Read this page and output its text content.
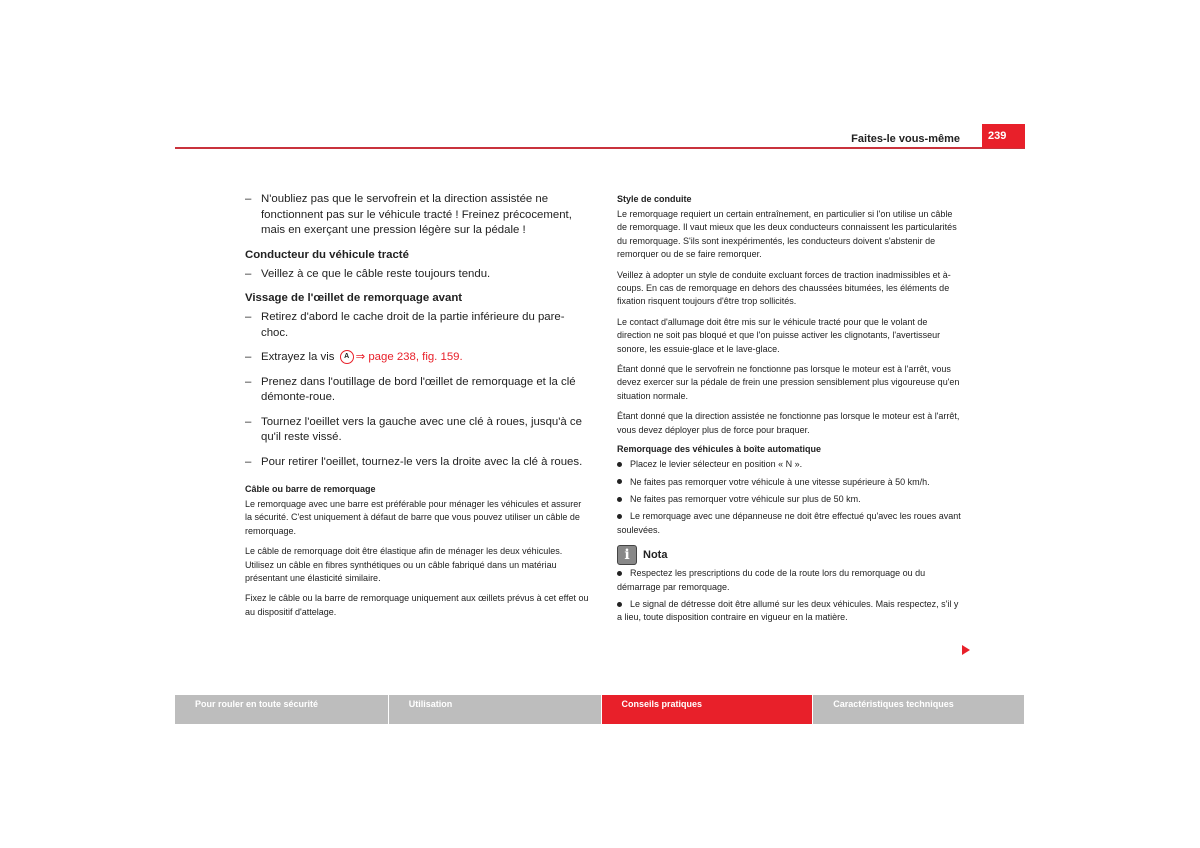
Faites-le vous-même	239
– N'oubliez pas que le servofrein et la direction assistée ne fonctionnent pas sur le véhicule tracté ! Freinez précocement, mais en exerçant une pression légère sur la pédale !
Conducteur du véhicule tracté
– Veillez à ce que le câble reste toujours tendu.
Vissage de l'œillet de remorquage avant
– Retirez d'abord le cache droit de la partie inférieure du pare-choc.
– Extrayez la vis A ⇒ page 238, fig. 159.
– Prenez dans l'outillage de bord l'œillet de remorquage et la clé démonte-roue.
– Tournez l'oeillet vers la gauche avec une clé à roues, jusqu'à ce qu'il reste vissé.
– Pour retirer l'oeillet, tournez-le vers la droite avec la clé à roues.
Câble ou barre de remorquage
Le remorquage avec une barre est préférable pour ménager les véhicules et assurer la sécurité. C'est uniquement à défaut de barre que vous pouvez utiliser un câble de remorquage.
Le câble de remorquage doit être élastique afin de ménager les deux véhicules. Utilisez un câble en fibres synthétiques ou un câble fabriqué dans un matériau présentant une élasticité similaire.
Fixez le câble ou la barre de remorquage uniquement aux œillets prévus à cet effet ou au dispositif d'attelage.
Style de conduite
Le remorquage requiert un certain entraînement, en particulier si l'on utilise un câble de remorquage. Il vaut mieux que les deux conducteurs connaissent les particularités du remorquage. S'ils sont inexpérimentés, les conducteurs doivent s'abstenir de remorquer ou de se faire remorquer.
Veillez à adopter un style de conduite excluant forces de traction inadmissibles et à-coups. En cas de remorquage en dehors des chaussées bitumées, les éléments de fixation risquent toujours d'être trop sollicités.
Le contact d'allumage doit être mis sur le véhicule tracté pour que le volant de direction ne soit pas bloqué et que l'on puisse activer les clignotants, l'avertisseur sonore, les essuie-glace et le lave-glace.
Étant donné que le servofrein ne fonctionne pas lorsque le moteur est à l'arrêt, vous devez exercer sur la pédale de frein une pression sensiblement plus vigoureuse qu'en situation normale.
Étant donné que la direction assistée ne fonctionne pas lorsque le moteur est à l'arrêt, vous devez déployer plus de force pour braquer.
Remorquage des véhicules à boîte automatique
Placez le levier sélecteur en position « N ».
Ne faites pas remorquer votre véhicule à une vitesse supérieure à 50 km/h.
Ne faites pas remorquer votre véhicule sur plus de 50 km.
Le remorquage avec une dépanneuse ne doit être effectué qu'avec les roues avant soulevées.
i	Nota
Respectez les prescriptions du code de la route lors du remorquage ou du démarrage par remorquage.
Le signal de détresse doit être allumé sur les deux véhicules. Mais respectez, s'il y a lieu, toute disposition contraire en vigueur en la matière.
Pour rouler en toute sécurité	Utilisation	Conseils pratiques	Caractéristiques techniques
